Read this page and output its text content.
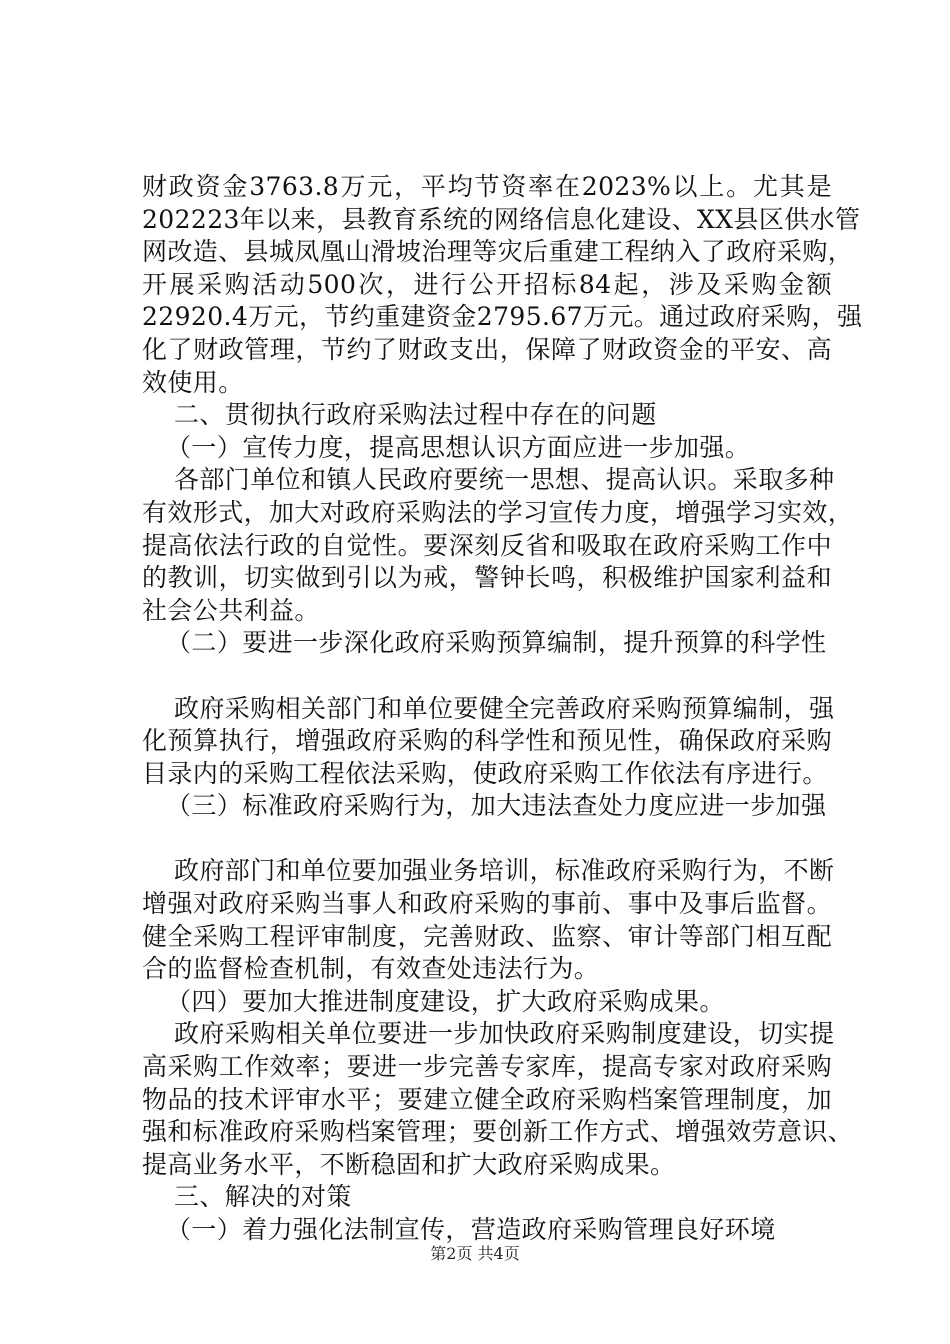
财政资金3763.8万元，平均节资率在2023%以上。尤其是
202223年以来，县教育系统的网络信息化建设、XX县区供水管
网改造、县城凤凰山滑坡治理等灾后重建工程纳入了政府采购，
开展采购活动500次，进行公开招标84起，涉及采购金额
22920.4万元，节约重建资金2795.67万元。通过政府采购，强
化了财政管理，节约了财政支出，保障了财政资金的平安、高
效使用。
二、贯彻执行政府采购法过程中存在的问题
（一）宣传力度，提高思想认识方面应进一步加强。
各部门单位和镇人民政府要统一思想、提高认识。采取多种
有效形式，加大对政府采购法的学习宣传力度，增强学习实效，
提高依法行政的自觉性。要深刻反省和吸取在政府采购工作中
的教训，切实做到引以为戒，警钟长鸣，积极维护国家利益和
社会公共利益。
（二）要进一步深化政府采购预算编制，提升预算的科学性
政府采购相关部门和单位要健全完善政府采购预算编制，强
化预算执行，增强政府采购的科学性和预见性，确保政府采购
目录内的采购工程依法采购，使政府采购工作依法有序进行。
（三）标准政府采购行为，加大违法查处力度应进一步加强
政府部门和单位要加强业务培训，标准政府采购行为，不断
增强对政府采购当事人和政府采购的事前、事中及事后监督。
健全采购工程评审制度，完善财政、监察、审计等部门相互配
合的监督检查机制，有效查处违法行为。
（四）要加大推进制度建设，扩大政府采购成果。
政府采购相关单位要进一步加快政府采购制度建设，切实提
高采购工作效率；要进一步完善专家库，提高专家对政府采购
物品的技术评审水平；要建立健全政府采购档案管理制度，加
强和标准政府采购档案管理；要创新工作方式、增强效劳意识、
提高业务水平，不断稳固和扩大政府采购成果。
三、解决的对策
（一）着力强化法制宣传，营造政府采购管理良好环境
第2页 共4页
